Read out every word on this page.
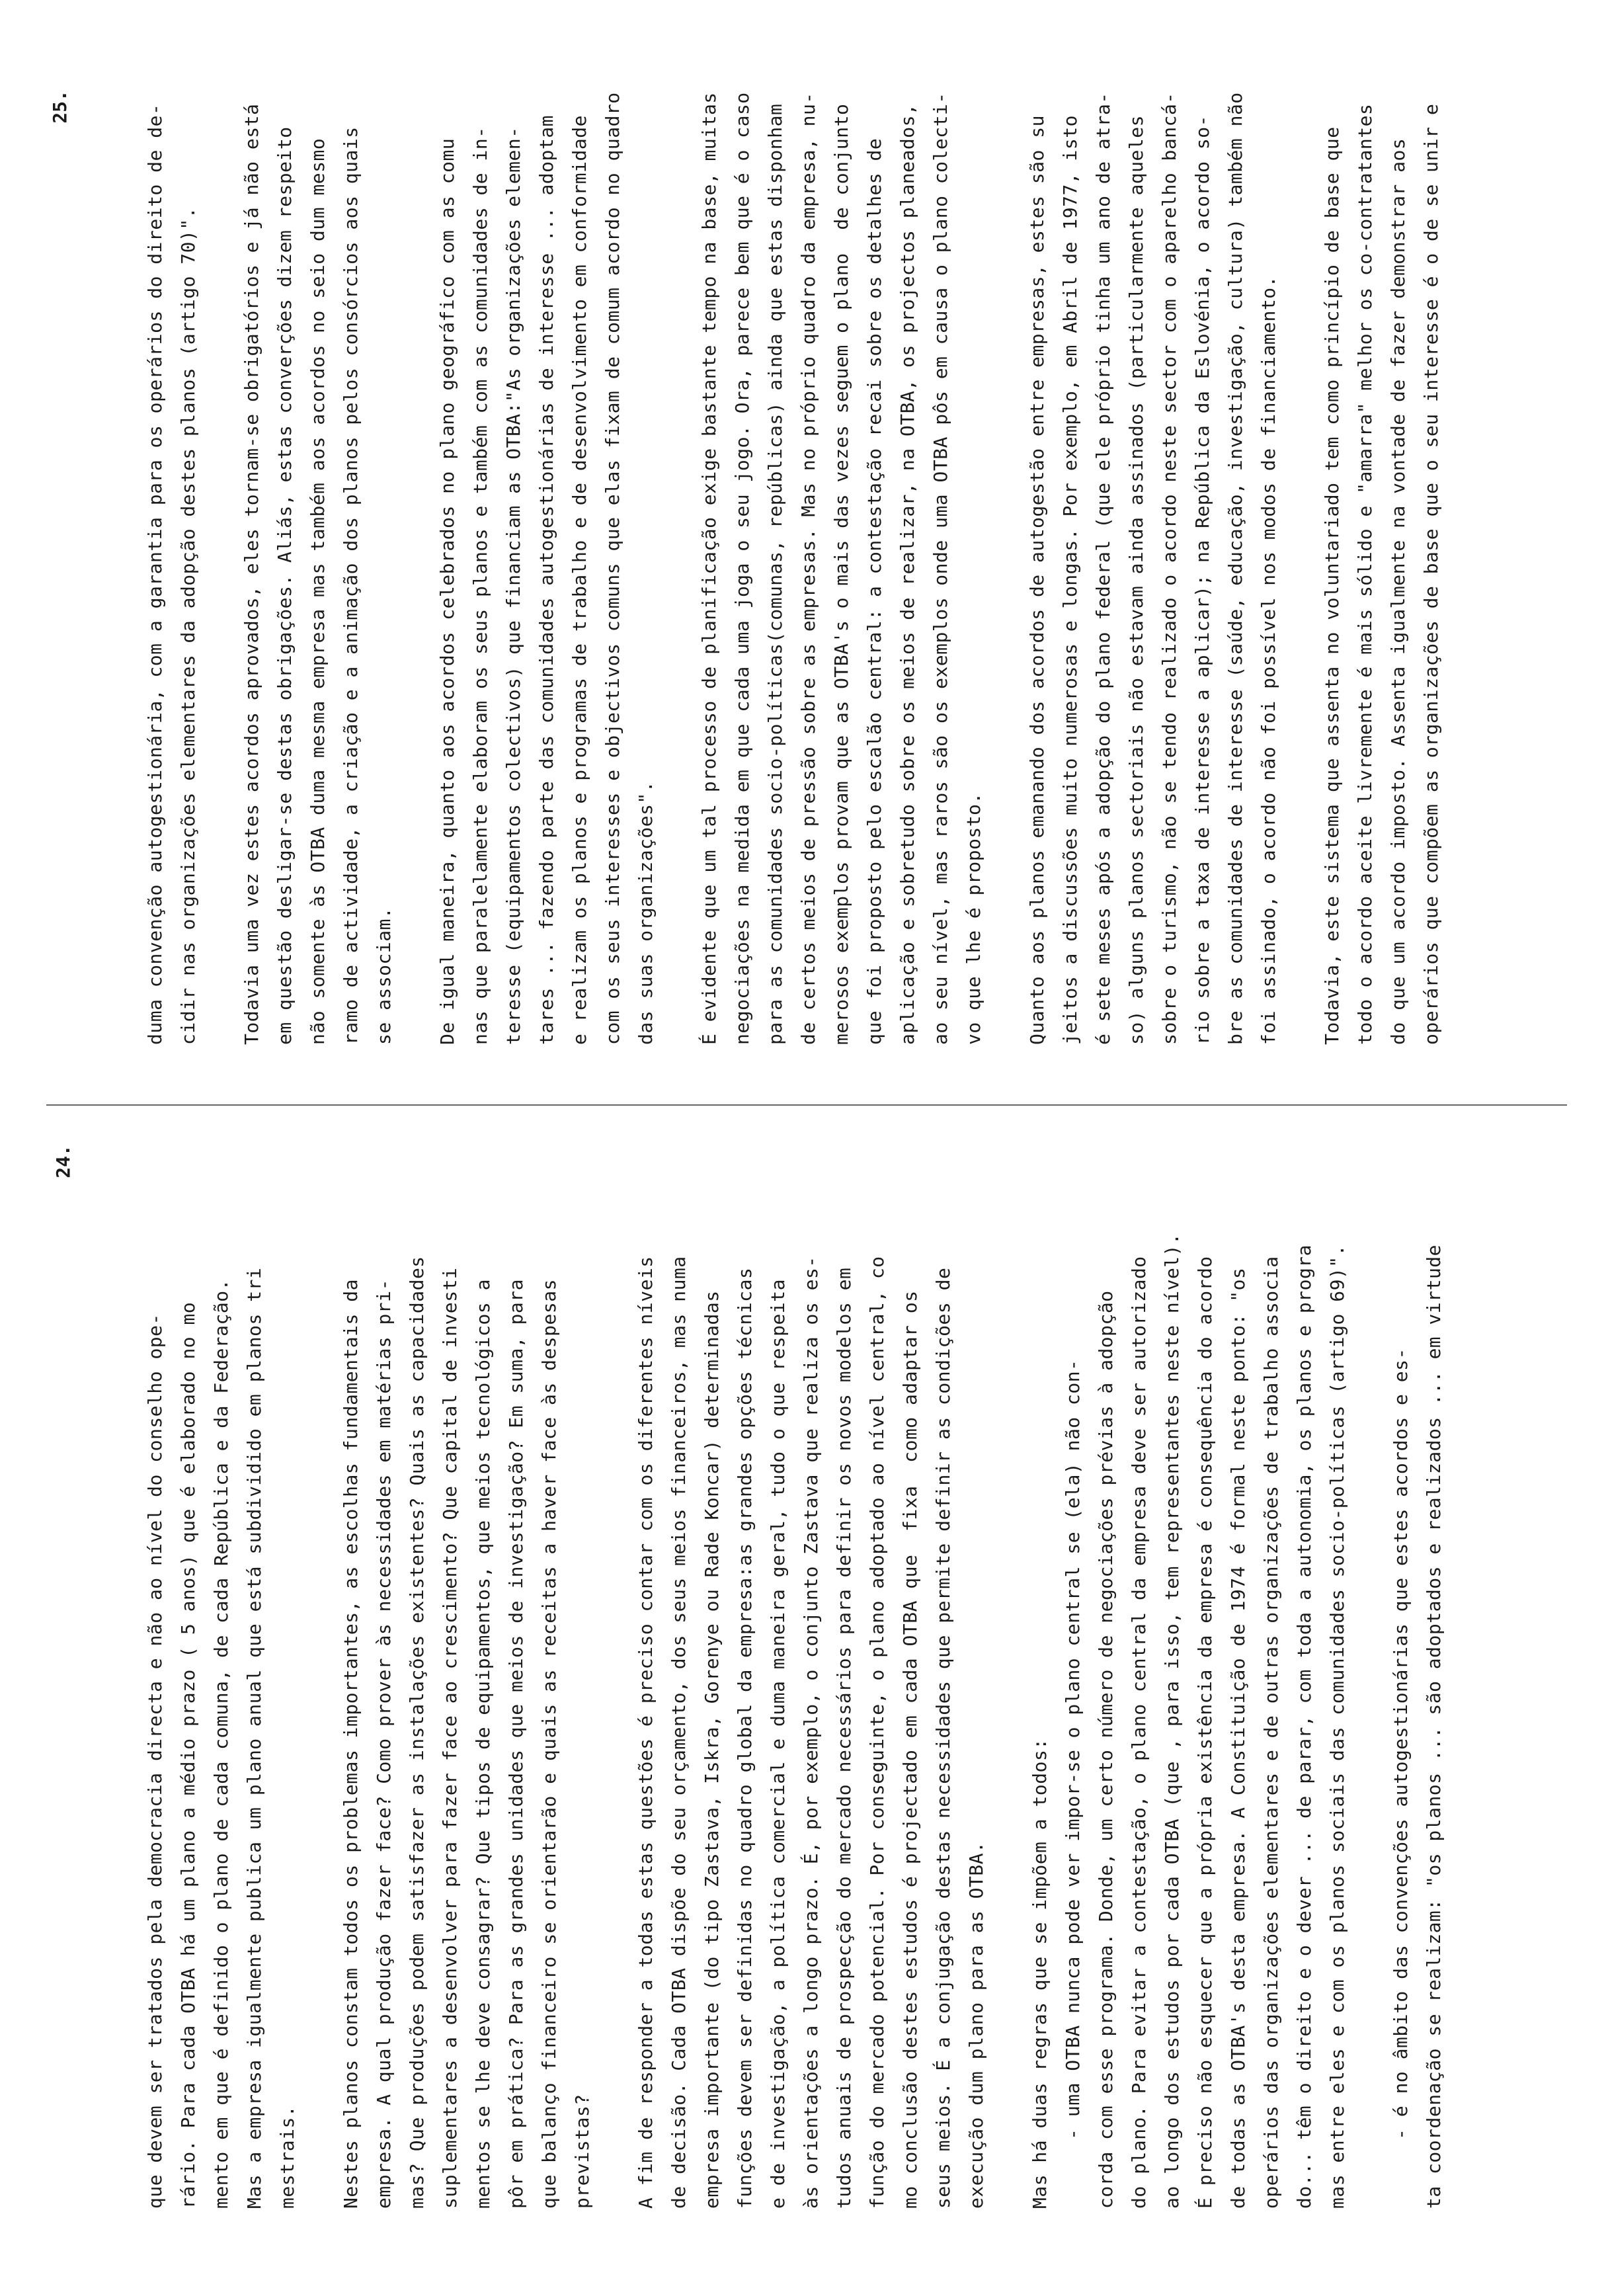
24.
25.
que devem ser tratados pela democracia directa e não ao nível do conselho ope- rário. Para cada OTBA há um plano a médio prazo ( 5 anos) que é elaborado no mo mento em que é definido o plano de cada comuna, de cada República e da Federação. Mas a empresa igualmente publica um plano anual que está subdividido em planos tri mestrais.	Nestes planos constam todos os problemas importantes, as escolhas fundamentais da empresa. A qual produção fazer face? Como prover às necessidades em matérias pri- mas? Que produções podem satisfazer as instalações existentes? Quais as capacidades suplementares a desenvolver para fazer face ao crescimento? Que capital de investi mentos se lhe deve consagrar? Que tipos de equipamentos, que meios tecnológicos a pôr em prática? Para as grandes unidades que meios de investigação? Em suma, para que balanço financeiro se orientarão e quais as receitas a haver face às despesas previstas?	A fim de responder a todas estas questões é preciso contar com os diferentes níveis de decisão. Cada OTBA dispõe do seu orçamento, dos seus meios financeiros, mas numa empresa importante (do tipo Zastava, Iskra, Gorenye ou Rade Koncar) determinadas funções devem ser definidas no quadro global da empresa:as grandes opções técnicas e de investigação, a política comercial e duma maneira geral, tudo o que respeita às orientações a longo prazo. É, por exemplo, o conjunto Zastava que realiza os es- tudos anuais de prospecção do mercado necessários para definir os novos modelos em função do mercado potencial. Por conseguinte, o plano adoptado ao nível central, co mo conclusão destes estudos é projectado em cada OTBA que  fixa  como adaptar os seus meios. É a conjugação destas necessidades que permite definir as condições de execução dum plano para as OTBA.	Mas há duas regras que se impõem a todos: - uma OTBA nunca pode ver impor-se o plano central se (ela) não con- corda com esse programa. Donde, um certo número de negociações prévias à adopção do plano. Para evitar a contestação, o plano central da empresa deve ser autorizado ao longo dos estudos por cada OTBA (que , para isso, tem representantes neste nível). É preciso não esquecer que a própria existência da empresa é consequência do acordo de todas as OTBA's desta empresa. A Constituição de 1974 é formal neste ponto: "os operários das organizações elementares e de outras organizações de trabalho associa do... têm o direito e o dever ... de parar, com toda a autonomia, os planos e progra mas entre eles e com os planos sociais das comunidades socio-políticas (artigo 69)".	- é no âmbito das convenções autogestionárias que estes acordos e es- ta coordenação se realizam: "os planos ... são adoptados e realizados ... em virtude
duma convenção autogestionária, com a garantia para os operários do direito de de- cidir nas organizações elementares da adopção destes planos (artigo 70)".	Todavia uma vez estes acordos aprovados, eles tornam-se obrigatórios e já não está em questão desligar-se destas obrigações. Aliás, estas converções dizem respeito não somente às OTBA duma mesma empresa mas também aos acordos no seio dum mesmo ramo de actividade, a criação e a animação dos planos pelos consórcios aos quais se associam.	De igual maneira, quanto aos acordos celebrados no plano geográfico com as comu nas que paralelamente elaboram os seus planos e também com as comunidades de in- teresse (equipamentos colectivos) que financiam as OTBA:"As organizações elemen- tares ... fazendo parte das comunidades autogestionárias de interesse ... adoptam e realizam os planos e programas de trabalho e de desenvolvimento em conformidade com os seus interesses e objectivos comuns que elas fixam de comum acordo no quadro das suas organizações".	É evidente que um tal processo de planificação exige bastante tempo na base, muitas negociações na medida em que cada uma joga o seu jogo. Ora, parece bem que é o caso para as comunidades socio-políticas(comunas, repúblicas) ainda que estas disponham de certos meios de pressão sobre as empresas. Mas no próprio quadro da empresa, nu- merosos exemplos provam que as OTBA's o mais das vezes seguem o plano  de conjunto que foi proposto pelo escalão central: a contestação recai sobre os detalhes de aplicação e sobretudo sobre os meios de realizar, na OTBA, os projectos planeados, ao seu nível, mas raros são os exemplos onde uma OTBA pôs em causa o plano colecti- vo que lhe é proposto.	Quanto aos planos emanando dos acordos de autogestão entre empresas, estes são su jeitos a discussões muito numerosas e longas. Por exemplo, em Abril de 1977, isto é sete meses após a adopção do plano federal (que ele próprio tinha um ano de atra- so) alguns planos sectoriais não estavam ainda assinados (particularmente aqueles sobre o turismo, não se tendo realizado o acordo neste sector com o aparelho bancá- rio sobre a taxa de interesse a aplicar); na República da Eslovénia, o acordo so- bre as comunidades de interesse (saúde, educação, investigação, cultura) também não foi assinado, o acordo não foi possível nos modos de financiamento.	Todavia, este sistema que assenta no voluntariado tem como princípio de base que todo o acordo aceite livremente é mais sólido e "amarra" melhor os co-contratantes do que um acordo imposto. Assenta igualmente na vontade de fazer demonstrar aos operários que compõem as organizações de base que o seu interesse é o de se unir e
